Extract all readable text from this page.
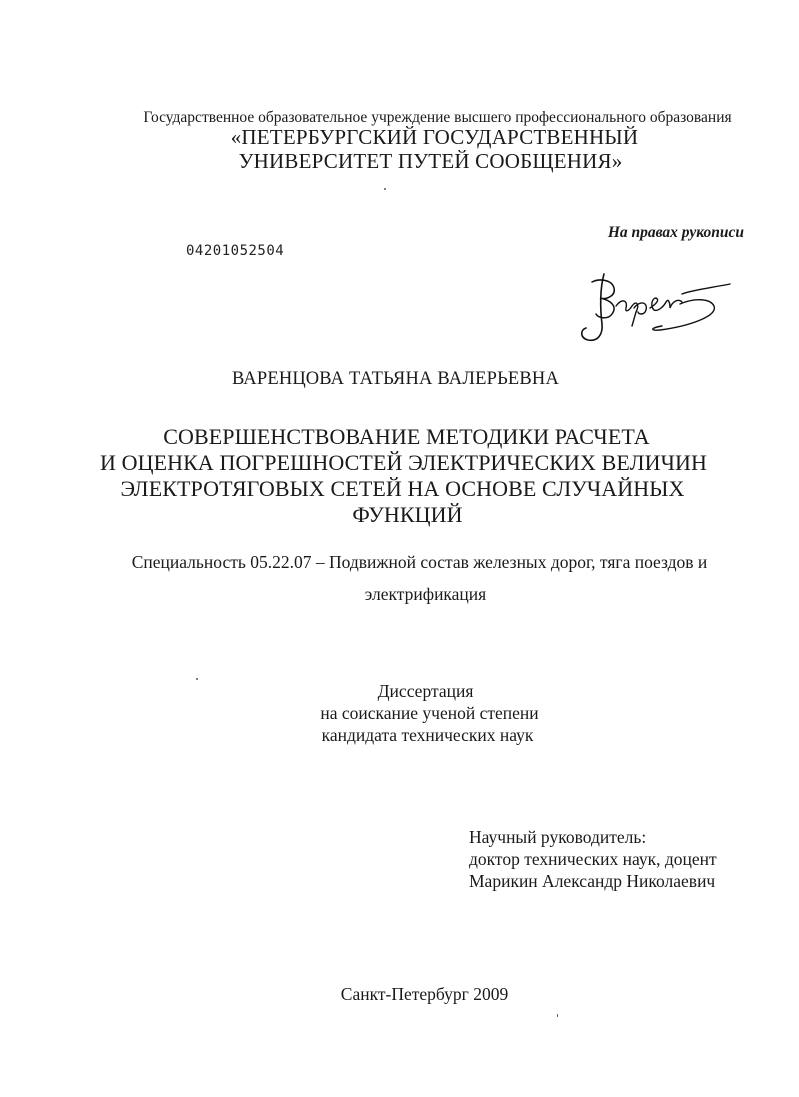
Государственное образовательное учреждение высшего профессионального образования
«ПЕТЕРБУРГСКИЙ ГОСУДАРСТВЕННЫЙ
УНИВЕРСИТЕТ ПУТЕЙ СООБЩЕНИЯ»
04201052504
На правах рукописи
ВАРЕНЦОВА ТАТЬЯНА ВАЛЕРЬЕВНА
СОВЕРШЕНСТВОВАНИЕ МЕТОДИКИ РАСЧЕТА
И ОЦЕНКА ПОГРЕШНОСТЕЙ ЭЛЕКТРИЧЕСКИХ ВЕЛИЧИН
ЭЛЕКТРОТЯГОВЫХ СЕТЕЙ НА ОСНОВЕ СЛУЧАЙНЫХ
ФУНКЦИЙ
Специальность 05.22.07 – Подвижной состав железных дорог, тяга поездов и
электрификация
Диссертация
на соискание ученой степени
кандидата технических наук
Научный руководитель:
доктор технических наук, доцент
Марикин Александр Николаевич
Санкт-Петербург 2009
